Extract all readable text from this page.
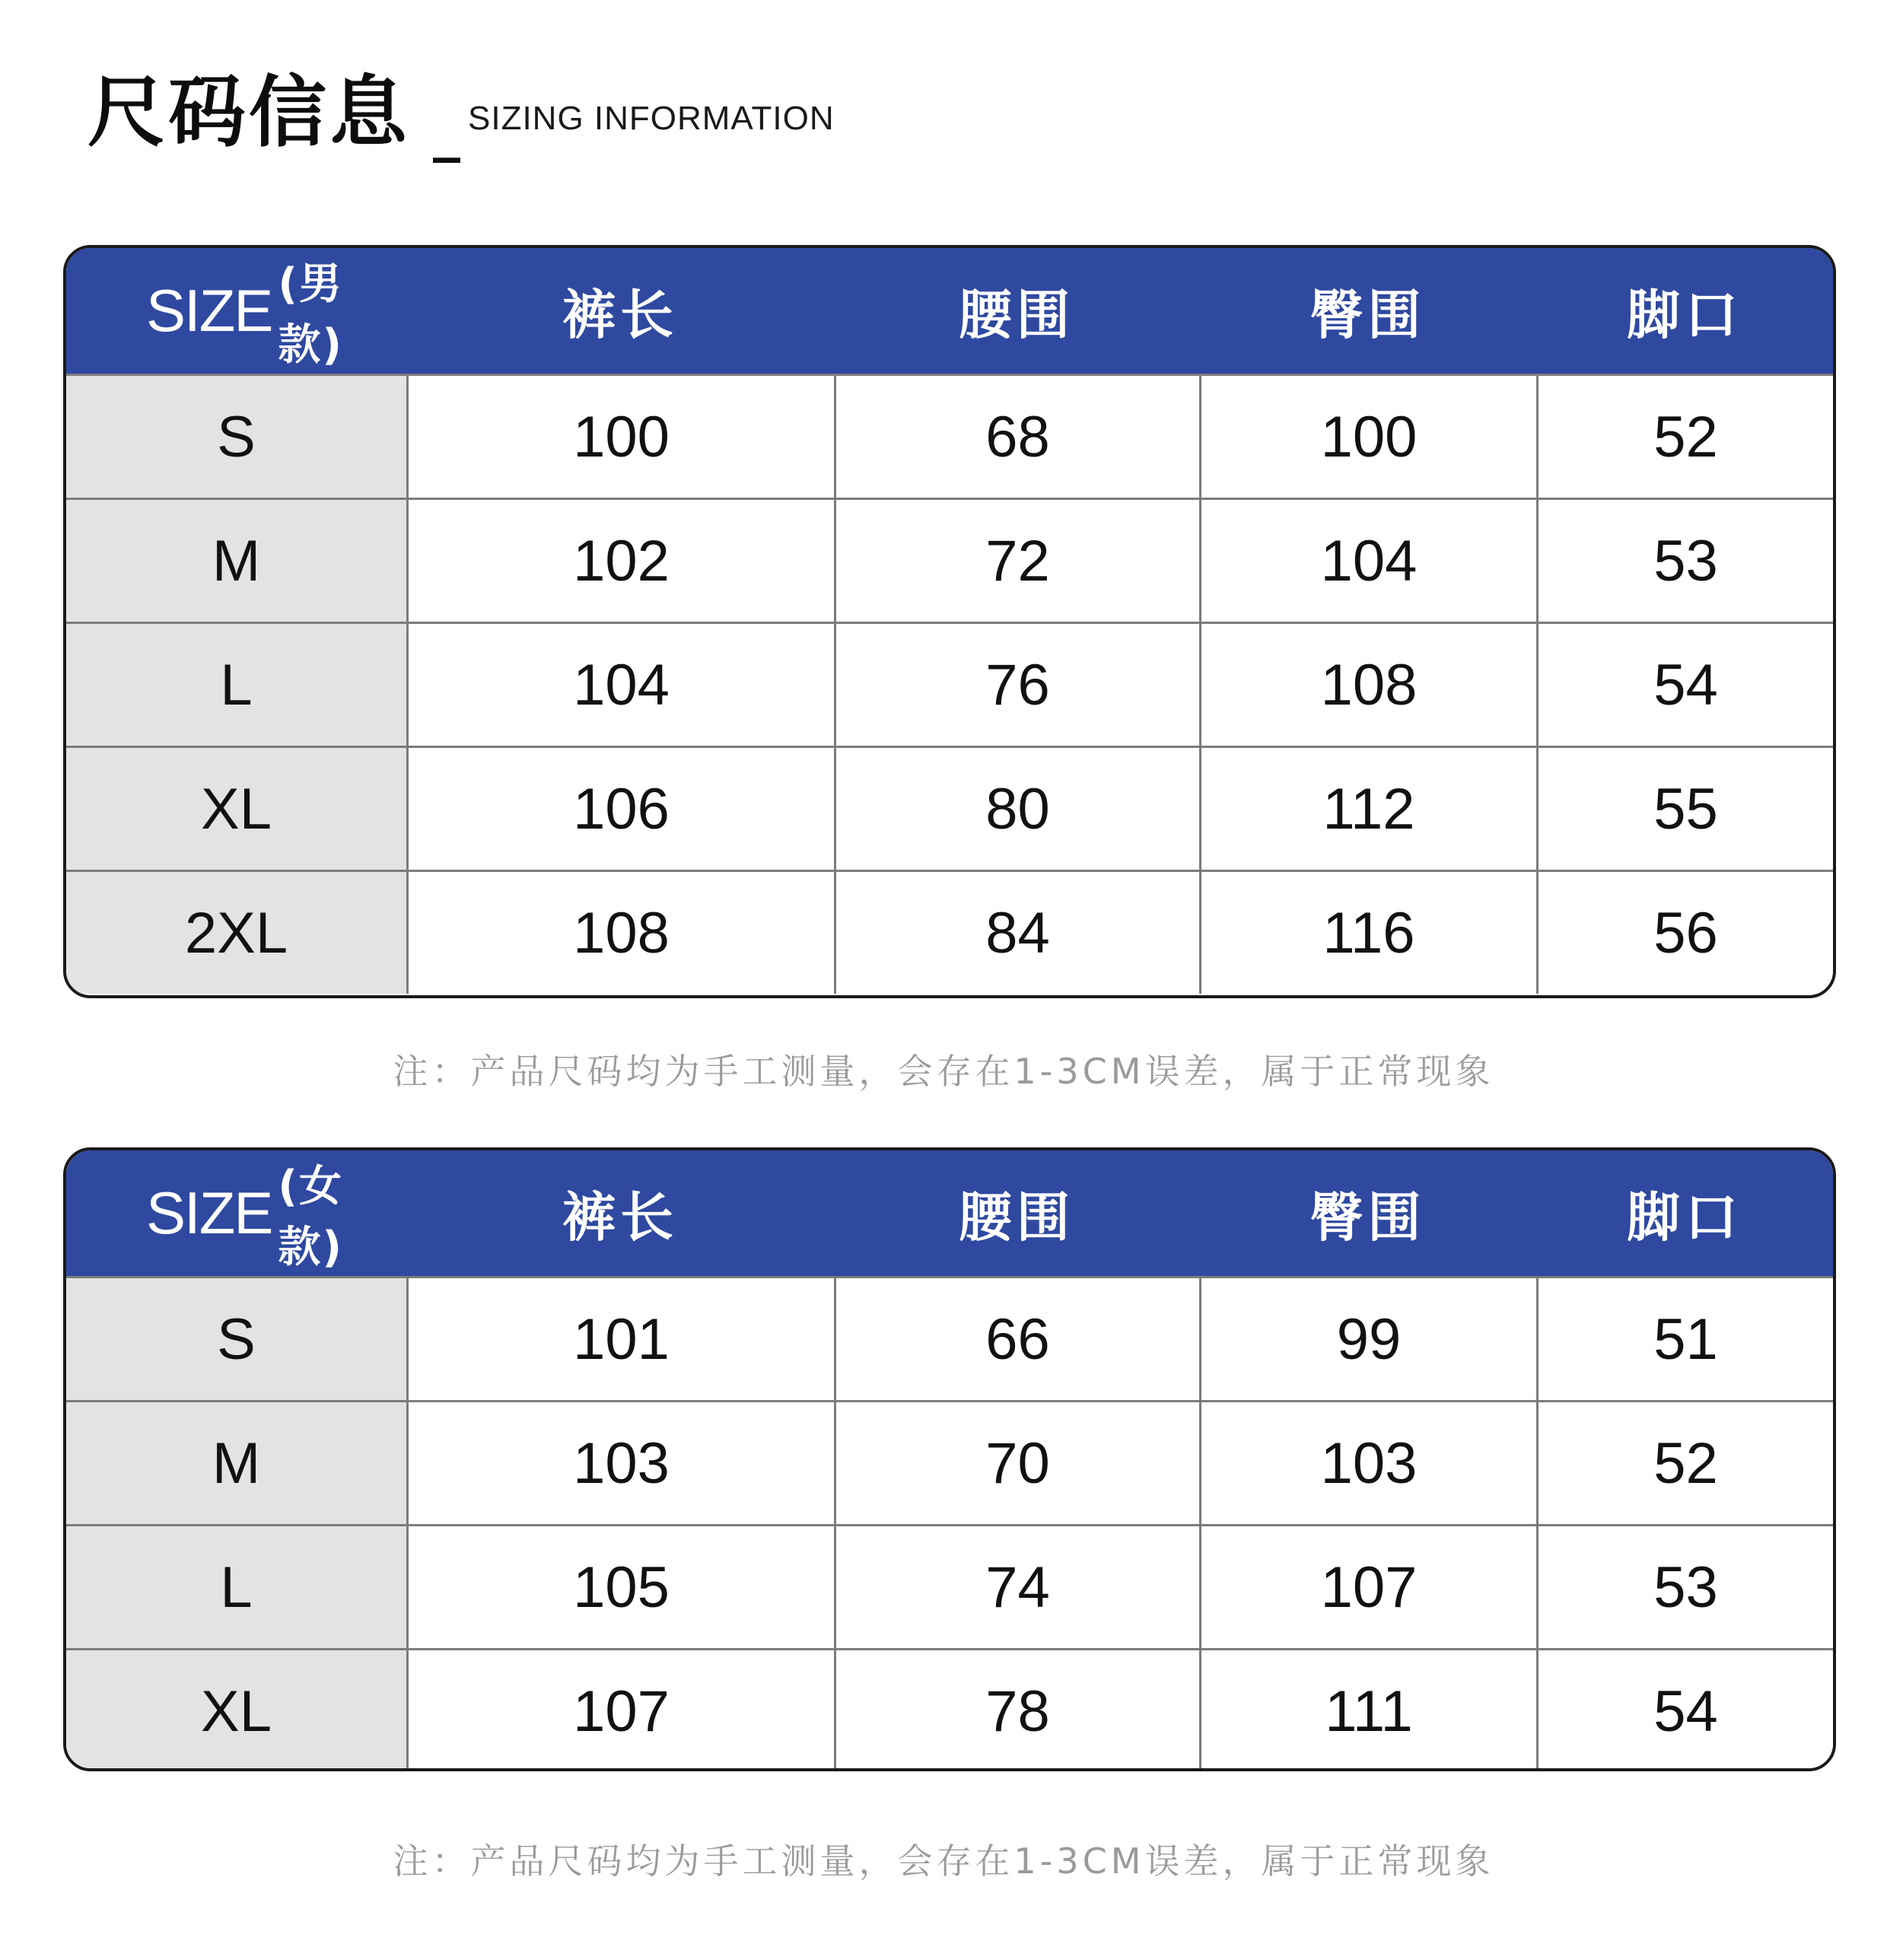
尺码信息 _ SIZING INFORMATION
SIZE (男款)	裤长	腰围	臀围	脚口
S	100	68	100	52
M	102	72	104	53
L	104	76	108	54
XL	106	80	112	55
2XL	108	84	116	56
注：产品尺码均为手工测量，会存在1-3CM误差，属于正常现象
SIZE (女款)	裤长	腰围	臀围	脚口
S	101	66	99	51
M	103	70	103	52
L	105	74	107	53
XL	107	78	111	54
注：产品尺码均为手工测量，会存在1-3CM误差，属于正常现象
